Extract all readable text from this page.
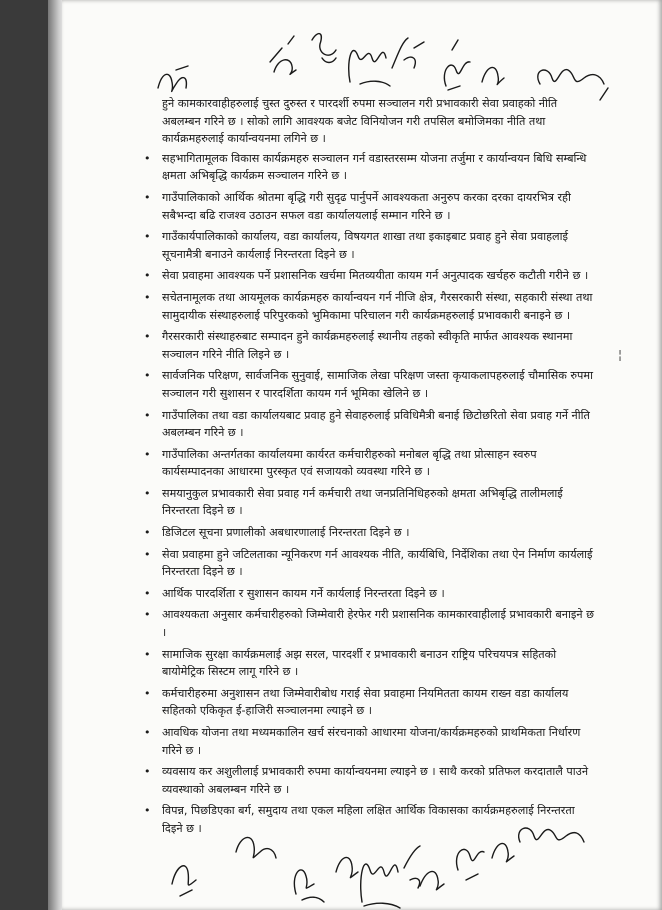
हुने कामकारवाहीहरुलाई चुस्त दुरुस्त र पारदर्शी रुपमा सञ्चालन गरी प्रभावकारी सेवा प्रवाहको नीति अबलम्बन गरिने छ । सोको लागि आवश्यक बजेट विनियोजन गरी तपसिल बमोजिमका नीति तथा कार्यक्रमहरुलाई कार्यान्वयनमा लगिने छ ।

• सहभागितामूलक विकास कार्यक्रमहरु सञ्चालन गर्न वडास्तरसम्म योजना तर्जुमा र कार्यान्वयन बिधि सम्बन्धि क्षमता अभिबृद्धि कार्यक्रम सञ्चालन गरिने छ ।
• गाउँपालिकाको आर्थिक श्रोतमा बृद्धि गरी सुदृढ पार्नुपर्ने आवश्यकता अनुरुप करका दरका दायरभित्र रही सबैभन्दा बढि राजश्व उठाउन सफल वडा कार्यालयलाई सम्मान गरिने छ ।
• गाउँकार्यपालिकाको कार्यालय, वडा कार्यालय, विषयगत शाखा तथा इकाइबाट प्रवाह हुने सेवा प्रवाहलाई सूचनामैत्री बनाउने कार्यलाई निरन्तरता दिइने छ ।
• सेवा प्रवाहमा आवश्यक पर्ने प्रशासनिक खर्चमा मितव्ययीता कायम गर्न अनुत्पादक खर्चहरु कटौती गरीने छ ।
• सचेतनामूलक तथा आयमूलक कार्यक्रमहरु कार्यान्वयन गर्न नीजि क्षेत्र, गैरसरकारी संस्था, सहकारी संस्था तथा सामुदायीक संस्थाहरुलाई परिपुरकको भुमिकामा परिचालन गरी कार्यक्रमहरुलाई प्रभावकारी बनाइने छ ।
• गैरसरकारी संस्थाहरुबाट सम्पादन हुने कार्यक्रमहरुलाई स्थानीय तहको स्वीकृति मार्फत आवश्यक स्थानमा सञ्चालन गरिने नीति लिइने छ ।
• सार्वजनिक परिक्षण, सार्वजनिक सुनुवाई, सामाजिक लेखा परिक्षण जस्ता कृयाकलापहरुलाई चौमासिक रुपमा सञ्चालन गरी सुशासन र पारदर्शिता कायम गर्न भूमिका खेलिने छ ।
• गाउँपालिका तथा वडा कार्यालयबाट प्रवाह हुने सेवाहरुलाई प्रविधिमैत्री बनाई छिटोछरितो सेवा प्रवाह गर्ने नीति अबलम्बन गरिने छ ।
• गाउँपालिका अन्तर्गतका कार्यालयमा कार्यरत कर्मचारीहरुको मनोबल बृद्धि तथा प्रोत्साहन स्वरुप कार्यसम्पादनका आधारमा पुरस्कृत एवं सजायको व्यवस्था गरिने छ ।
• समयानुकुल प्रभावकारी सेवा प्रवाह गर्न कर्मचारी तथा जनप्रतिनिधिहरुको क्षमता अभिबृद्धि तालीमलाई निरन्तरता दिइने छ ।
• डिजिटल सूचना प्रणालीको अबधारणालाई निरन्तरता दिइने छ ।
• सेवा प्रवाहमा हुने जटिलताका न्यूनिकरण गर्न आवश्यक नीति, कार्यबिधि, निर्देशिका तथा ऐन निर्माण कार्यलाई निरन्तरता दिइने छ ।
• आर्थिक पारदर्शिता र सुशासन कायम गर्ने कार्यलाई निरन्तरता दिइने छ ।
• आवश्यकता अनुसार कर्मचारीहरुको जिम्मेवारी हेरफेर गरी प्रशासनिक कामकारवाहीलाई प्रभावकारी बनाइने छ ।
• सामाजिक सुरक्षा कार्यक्रमलाई अझ सरल, पारदर्शी र प्रभावकारी बनाउन राष्ट्रिय परिचयपत्र सहितको बायोमेट्रिक सिस्टम लागू गरिने छ ।
• कर्मचारीहरुमा अनुशासन तथा जिम्मेवारीबोध गराई सेवा प्रवाहमा नियमितता कायम राख्न वडा कार्यालय सहितको एकिकृत ई-हाजिरी सञ्चालनमा ल्याइने छ ।
• आवधिक योजना तथा मध्यमकालिन खर्च संरचनाको आधारमा योजना/कार्यक्रमहरुको प्राथमिकता निर्धारण गरिने छ ।
• व्यवसाय कर अशुलीलाई प्रभावकारी रुपमा कार्यान्वयनमा ल्याइने छ । साथै करको प्रतिफल करदातालै पाउने व्यवस्थाको अबलम्बन गरिने छ ।
• विपन्न, पिछडिएका बर्ग, समुदाय तथा एकल महिला लक्षित आर्थिक विकासका कार्यक्रमहरुलाई निरन्तरता दिइने छ ।
¦
